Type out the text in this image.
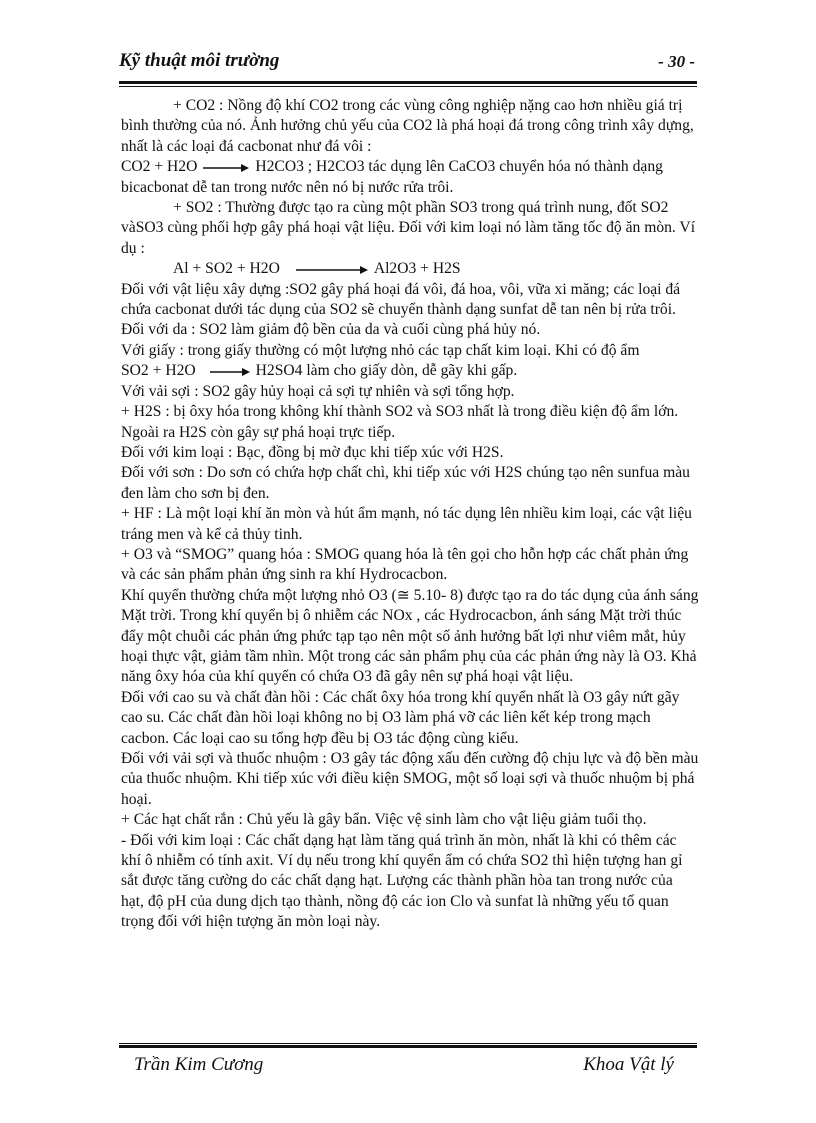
Kỹ thuật môi trường	- 30 -

+ CO2 : Nồng độ khí CO2 trong các vùng công nghiệp nặng cao hơn nhiều giá trị bình thường của nó. Ảnh hưởng chủ yếu của CO2 là phá hoại đá trong công trình xây dựng, nhất là các loại đá cacbonat như đá vôi :

CO2 + H2O	H2CO3 ; H2CO3 tác dụng lên CaCO3 chuyển hóa nó thành dạng bicacbonat dễ tan trong nước nên nó bị nước rửa trôi.

+ SO2 : Thường được tạo ra cùng một phần SO3 trong quá trình nung, đốt SO2 vàSO3 cùng phối hợp gây phá hoại vật liệu. Đối với kim loại nó làm tăng tốc độ ăn mòn. Ví dụ :

Al + SO2 + H2O	Al2O3 + H2S

Đối với vật liệu xây dựng :SO2 gây phá hoại đá vôi, đá hoa, vôi, vữa xi măng; các loại đá chứa cacbonat dưới tác dụng của SO2 sẽ chuyển thành dạng sunfat dễ tan nên bị rửa trôi.

Đối với da : SO2 làm giảm độ bền của da và cuối cùng phá hủy nó.

Với giấy : trong giấy thường có một lượng nhỏ các tạp chất kim loại. Khi có độ ẩm

SO2 + H2O	H2SO4 làm cho giấy dòn, dễ gãy khi gấp.

Với vải sợi : SO2 gây hủy hoại cả sợi tự nhiên và sợi tổng hợp.

+ H2S : bị ôxy hóa trong không khí thành SO2 và SO3 nhất là trong điều kiện độ ẩm lớn. Ngoài ra H2S còn gây sự phá hoại trực tiếp.

Đối với kim loại : Bạc, đồng bị mờ đục khi tiếp xúc với H2S.

Đối với sơn : Do sơn có chứa hợp chất chì, khi tiếp xúc với H2S chúng tạo nên sunfua màu đen làm cho sơn bị đen.

+ HF : Là một loại khí ăn mòn và hút ẩm mạnh, nó tác dụng lên nhiều kim loại, các vật liệu tráng men và kể cả thủy tinh.

+ O3 và “SMOG” quang hóa : SMOG quang hóa là tên gọi cho hỗn hợp các chất phản ứng và các sản phẩm phản ứng sinh ra khí Hydrocacbon.

Khí quyển thường chứa một lượng nhỏ O3 (≅ 5.10- 8) được tạo ra do tác dụng của ánh sáng Mặt trời. Trong khí quyển bị ô nhiễm các NOx , các Hydrocacbon, ánh sáng Mặt trời thúc đẩy một chuỗi các phản ứng phức tạp tạo nên một số ảnh hưởng bất lợi như viêm mắt, hủy hoại thực vật, giảm tầm nhìn. Một trong các sản phẩm phụ của các phản ứng này là O3. Khả năng ôxy hóa của khí quyển có chứa O3 đã gây nên sự phá hoại vật liệu.

Đối với cao su và chất đàn hồi : Các chất ôxy hóa trong khí quyển nhất là O3 gây nứt gãy cao su. Các chất đàn hồi loại không no bị O3 làm phá vỡ các liên kết kép trong mạch cacbon. Các loại cao su tổng hợp đều bị O3 tác động cùng kiểu.

Đối với vải sợi và thuốc nhuộm : O3 gây tác động xấu đến cường độ chịu lực và độ bền màu của thuốc nhuộm. Khi tiếp xúc với điều kiện SMOG, một số loại sợi và thuốc nhuộm bị phá hoại.

+ Các hạt chất rắn : Chủ yếu là gây bẩn. Việc vệ sinh làm cho vật liệu giảm tuổi thọ.

- Đối với kim loại : Các chất dạng hạt làm tăng quá trình ăn mòn, nhất là khi có thêm các khí ô nhiễm có tính axit. Ví dụ nếu trong khí quyển ẩm có chứa SO2 thì hiện tượng han gỉ sắt được tăng cường do các chất dạng hạt. Lượng các thành phần hòa tan trong nước của hạt, độ pH của dung dịch tạo thành, nồng độ các ion Clo và sunfat là những yếu tố quan trọng đối với hiện tượng ăn mòn loại này.

Trần Kim Cương	Khoa Vật lý
